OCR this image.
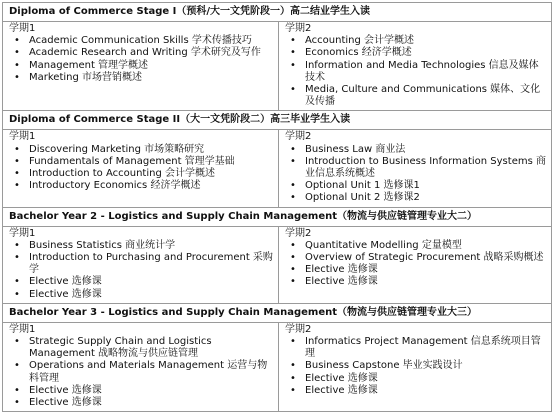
Diploma of Commerce Stage I（预科/大一文凭阶段一）高二结业学生入读
学期1
• Academic Communication Skills 学术传播技巧
• Academic Research and Writing 学术研究及写作
• Management 管理学概述
• Marketing 市场营销概述
学期2
• Accounting 会计学概述
• Economics 经济学概述
• Information and Media Technologies 信息及媒体技术
• Media, Culture and Communications 媒体、文化及传播
Diploma of Commerce Stage II（大一文凭阶段二）高三毕业学生入读
学期1
• Discovering Marketing 市场策略研究
• Fundamentals of Management 管理学基础
• Introduction to Accounting 会计学概述
• Introductory Economics 经济学概述
学期2
• Business Law 商业法
• Introduction to Business Information Systems 商业信息系统概述
• Optional Unit 1 选修课1
• Optional Unit 2 选修课2
Bachelor Year 2 - Logistics and Supply Chain Management（物流与供应链管理专业大二）
学期1
• Business Statistics 商业统计学
• Introduction to Purchasing and Procurement 采购学
• Elective 选修课
• Elective 选修课
学期2
• Quantitative Modelling 定量模型
• Overview of Strategic Procurement 战略采购概述
• Elective 选修课
• Elective 选修课
Bachelor Year 3 - Logistics and Supply Chain Management（物流与供应链管理专业大三）
学期1
• Strategic Supply Chain and Logistics Management 战略物流与供应链管理
• Operations and Materials Management 运营与物料管理
• Elective 选修课
• Elective 选修课
学期2
• Informatics Project Management 信息系统项目管理
• Business Capstone 毕业实践设计
• Elective 选修课
• Elective 选修课
